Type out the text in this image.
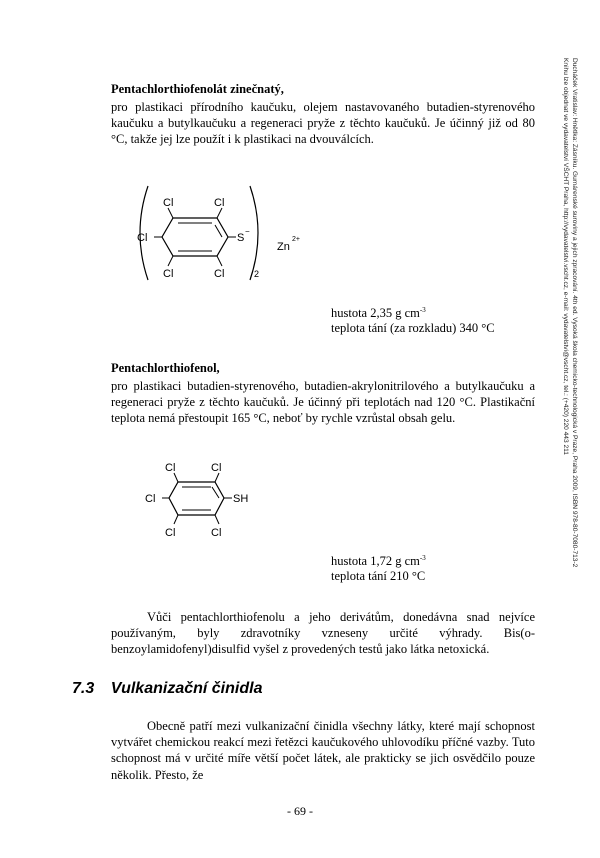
Ducháček Vratislav: Hnětlka: Zásníku. Gumárenské suroviny a jejich zpracování. 4th ed. Vysoká škola chemicko-technologická v Praze, Praha 2009, ISBN 978-80-7080-713-2
Knihu lze objednat ve vydavatelství VŠCHT Praha, http://vydavatelstvi.vscht.cz, e-mail: vydavatelstvi@vscht.cz, tel.: (+420) 220 443 211
Pentachlorthiofenolát zinečnatý,
pro plastikaci přírodního kaučuku, olejem nastavovaného butadien-styrenového kaučuku a butylkaučuku a regeneraci pryže z těchto kaučuků. Je účinný již od 80 °C, takže jej lze použít i k plastikaci na dvouválcích.
Cl	Cl
Cl
Cl	Cl
S
−
2
Zn
2+
hustota 2,35 g $cm^{-3}$
teplota tání (za rozkladu) 340 °C
Pentachlorthiofenol,
pro plastikaci butadien-styrenového, butadien-akrylonitrilového a butylkaučuku a regeneraci pryže z těchto kaučuků. Je účinný při teplotách nad 120 °C. Plastikační teplota nemá přestoupit 165 °C, neboť by rychle vzrůstal obsah gelu.
Cl	Cl
Cl
Cl	Cl
SH
hustota 1,72 g $cm^{-3}$
teplota tání 210 °C
Vůči pentachlorthiofenolu a jeho derivátům, donedávna snad nejvíce používaným, byly zdravotníky vzneseny určité výhrady. Bis(o-benzoylamidofenyl)disulfid vyšel z provedených testů jako látka netoxická.
7.3 Vulkanizační činidla
Obecně patří mezi vulkanizační činidla všechny látky, které mají schopnost vytvářet chemickou reakcí mezi řetězci kaučukového uhlovodíku příčné vazby. Tuto schopnost má v určité míře větší počet látek, ale prakticky se jich osvědčilo pouze několik. Přesto, že
- 69 -
